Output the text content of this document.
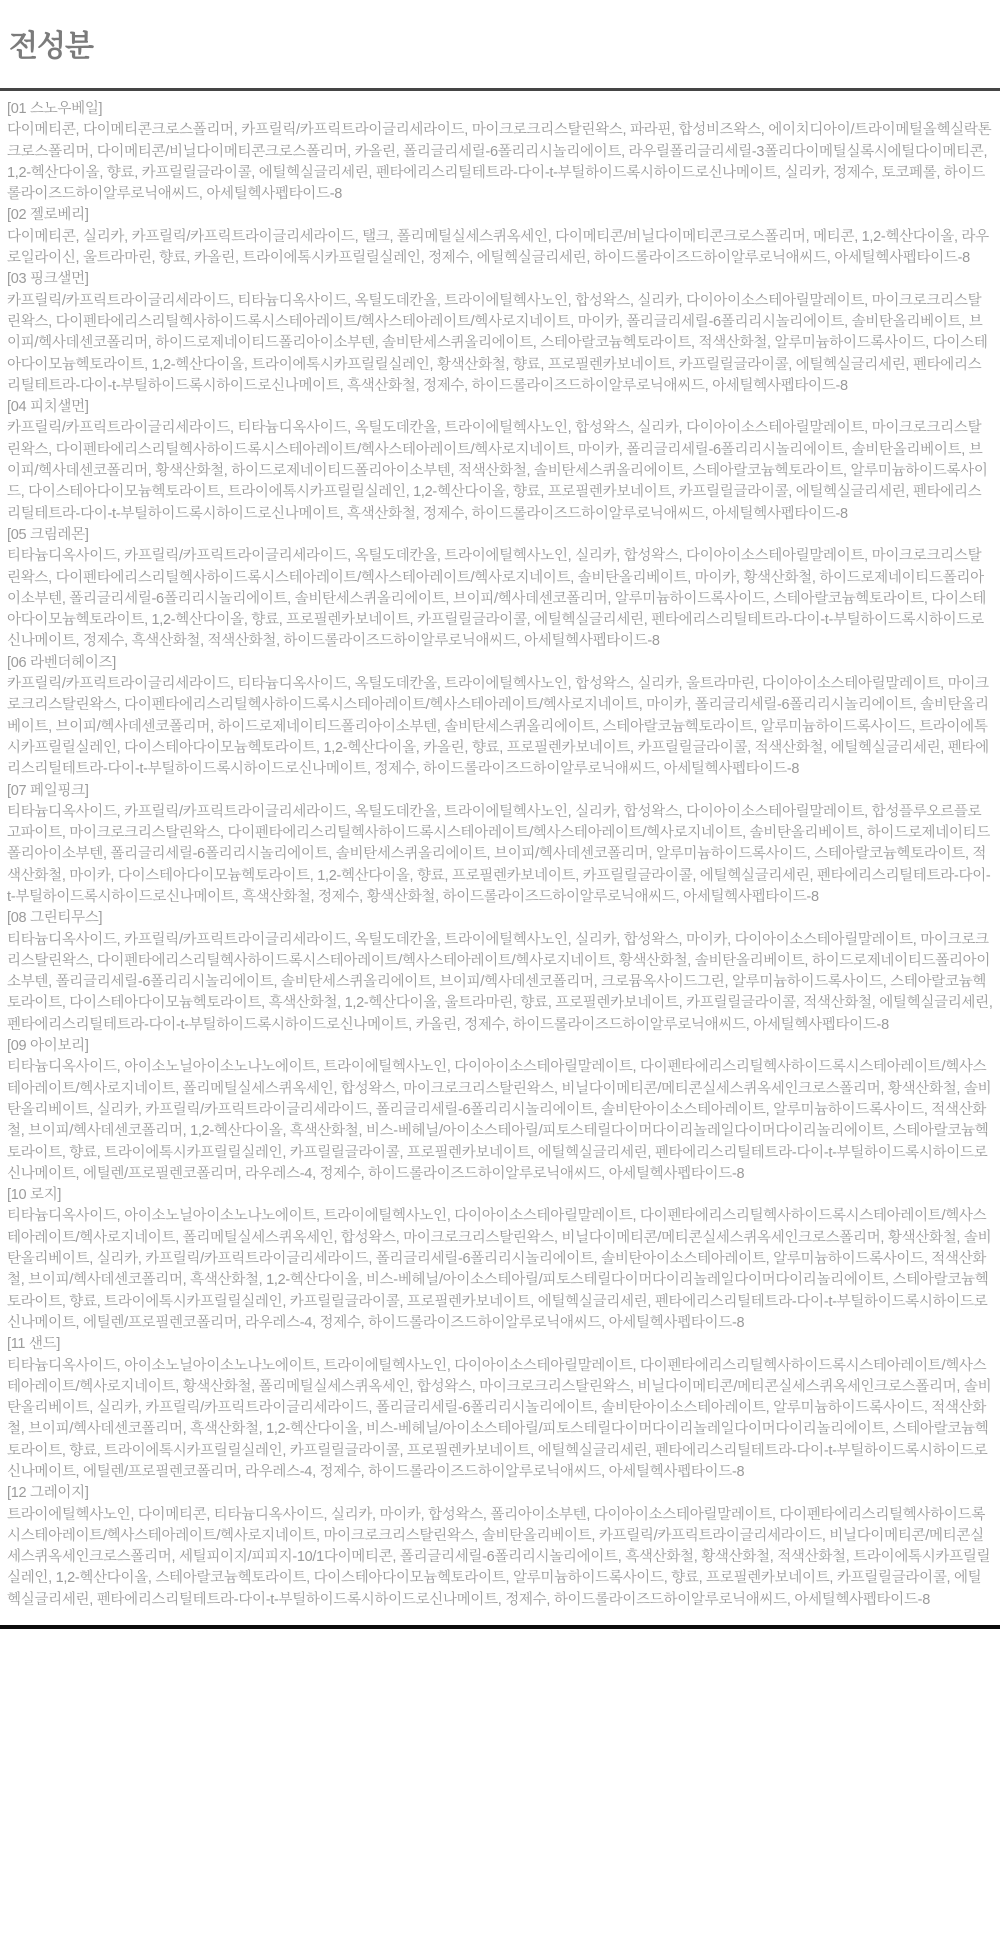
전성분
[01 스노우베일]
다이메티콘, 다이메티콘크로스폴리머, 카프릴릭/카프릭트라이글리세라이드, 마이크로크리스탈린왁스, 파라핀, 합성비즈왁스, 에이치디아이/트라이메틸올헥실락톤크로스폴리머, 다이메티콘/비닐다이메티콘크로스폴리머, 카올린, 폴리글리세릴-6폴리리시놀리에이트, 라우릴폴리글리세릴-3폴리다이메틸실록시에틸다이메티콘, 1,2-헥산다이올, 향료, 카프릴릴글라이콜, 에틸헥실글리세린, 펜타에리스리틸테트라-다이-t-부틸하이드록시하이드로신나메이트, 실리카, 정제수, 토코페롤, 하이드롤라이즈드하이알루로닉애씨드, 아세틸헥사펩타이드-8
[02 젤로베리]
다이메티콘, 실리카, 카프릴릭/카프릭트라이글리세라이드, 탤크, 폴리메틸실세스퀴옥세인, 다이메티콘/비닐다이메티콘크로스폴리머, 메티콘, 1,2-헥산다이올, 라우로일라이신, 울트라마린, 향료, 카올린, 트라이에톡시카프릴릴실레인, 정제수, 에틸헥실글리세린, 하이드롤라이즈드하이알루로닉애씨드, 아세틸헥사펩타이드-8
[03 핑크샐먼]
카프릴릭/카프릭트라이글리세라이드, 티타늄디옥사이드, 옥틸도데칸올, 트라이에틸헥사노인, 합성왁스, 실리카, 다이아이소스테아릴말레이트, 마이크로크리스탈린왁스, 다이펜타에리스리틸헥사하이드록시스테아레이트/헥사스테아레이트/헥사로지네이트, 마이카, 폴리글리세릴-6폴리리시놀리에이트, 솔비탄올리베이트, 브이피/헥사데센코폴리머, 하이드로제네이티드폴리아이소부텐, 솔비탄세스퀴올리에이트, 스테아랄코늄헥토라이트, 적색산화철, 알루미늄하이드록사이드, 다이스테아다이모늄헥토라이트, 1,2-헥산다이올, 트라이에톡시카프릴릴실레인, 황색산화철, 향료, 프로필렌카보네이트, 카프릴릴글라이콜, 에틸헥실글리세린, 펜타에리스리틸테트라-다이-t-부틸하이드록시하이드로신나메이트, 흑색산화철, 정제수, 하이드롤라이즈드하이알루로닉애씨드, 아세틸헥사펩타이드-8
[04 피치샐먼]
카프릴릭/카프릭트라이글리세라이드, 티타늄디옥사이드, 옥틸도데칸올, 트라이에틸헥사노인, 합성왁스, 실리카, 다이아이소스테아릴말레이트, 마이크로크리스탈린왁스, 다이펜타에리스리틸헥사하이드록시스테아레이트/헥사스테아레이트/헥사로지네이트, 마이카, 폴리글리세릴-6폴리리시놀리에이트, 솔비탄올리베이트, 브이피/헥사데센코폴리머, 황색산화철, 하이드로제네이티드폴리아이소부텐, 적색산화철, 솔비탄세스퀴올리에이트, 스테아랄코늄헥토라이트, 알루미늄하이드록사이드, 다이스테아다이모늄헥토라이트, 트라이에톡시카프릴릴실레인, 1,2-헥산다이올, 향료, 프로필렌카보네이트, 카프릴릴글라이콜, 에틸헥실글리세린, 펜타에리스리틸테트라-다이-t-부틸하이드록시하이드로신나메이트, 흑색산화철, 정제수, 하이드롤라이즈드하이알루로닉애씨드, 아세틸헥사펩타이드-8
[05 크림레몬]
티타늄디옥사이드, 카프릴릭/카프릭트라이글리세라이드, 옥틸도데칸올, 트라이에틸헥사노인, 실리카, 합성왁스, 다이아이소스테아릴말레이트, 마이크로크리스탈린왁스, 다이펜타에리스리틸헥사하이드록시스테아레이트/헥사스테아레이트/헥사로지네이트, 솔비탄올리베이트, 마이카, 황색산화철, 하이드로제네이티드폴리아이소부텐, 폴리글리세릴-6폴리리시놀리에이트, 솔비탄세스퀴올리에이트, 브이피/헥사데센코폴리머, 알루미늄하이드록사이드, 스테아랄코늄헥토라이트, 다이스테아다이모늄헥토라이트, 1,2-헥산다이올, 향료, 프로필렌카보네이트, 카프릴릴글라이콜, 에틸헥실글리세린, 펜타에리스리틸테트라-다이-t-부틸하이드록시하이드로신나메이트, 정제수, 흑색산화철, 적색산화철, 하이드롤라이즈드하이알루로닉애씨드, 아세틸헥사펩타이드-8
[06 라벤더헤이즈]
카프릴릭/카프릭트라이글리세라이드, 티타늄디옥사이드, 옥틸도데칸올, 트라이에틸헥사노인, 합성왁스, 실리카, 울트라마린, 다이아이소스테아릴말레이트, 마이크로크리스탈린왁스, 다이펜타에리스리틸헥사하이드록시스테아레이트/헥사스테아레이트/헥사로지네이트, 마이카, 폴리글리세릴-6폴리리시놀리에이트, 솔비탄올리베이트, 브이피/헥사데센코폴리머, 하이드로제네이티드폴리아이소부텐, 솔비탄세스퀴올리에이트, 스테아랄코늄헥토라이트, 알루미늄하이드록사이드, 트라이에톡시카프릴릴실레인, 다이스테아다이모늄헥토라이트, 1,2-헥산다이올, 카올린, 향료, 프로필렌카보네이트, 카프릴릴글라이콜, 적색산화철, 에틸헥실글리세린, 펜타에리스리틸테트라-다이-t-부틸하이드록시하이드로신나메이트, 정제수, 하이드롤라이즈드하이알루로닉애씨드, 아세틸헥사펩타이드-8
[07 페일핑크]
티타늄디옥사이드, 카프릴릭/카프릭트라이글리세라이드, 옥틸도데칸올, 트라이에틸헥사노인, 실리카, 합성왁스, 다이아이소스테아릴말레이트, 합성플루오르플로고파이트, 마이크로크리스탈린왁스, 다이펜타에리스리틸헥사하이드록시스테아레이트/헥사스테아레이트/헥사로지네이트, 솔비탄올리베이트, 하이드로제네이티드폴리아이소부텐, 폴리글리세릴-6폴리리시놀리에이트, 솔비탄세스퀴올리에이트, 브이피/헥사데센코폴리머, 알루미늄하이드록사이드, 스테아랄코늄헥토라이트, 적색산화철, 마이카, 다이스테아다이모늄헥토라이트, 1,2-헥산다이올, 향료, 프로필렌카보네이트, 카프릴릴글라이콜, 에틸헥실글리세린, 펜타에리스리틸테트라-다이-t-부틸하이드록시하이드로신나메이트, 흑색산화철, 정제수, 황색산화철, 하이드롤라이즈드하이알루로닉애씨드, 아세틸헥사펩타이드-8
[08 그린티무스]
티타늄디옥사이드, 카프릴릭/카프릭트라이글리세라이드, 옥틸도데칸올, 트라이에틸헥사노인, 실리카, 합성왁스, 마이카, 다이아이소스테아릴말레이트, 마이크로크리스탈린왁스, 다이펜타에리스리틸헥사하이드록시스테아레이트/헥사스테아레이트/헥사로지네이트, 황색산화철, 솔비탄올리베이트, 하이드로제네이티드폴리아이소부텐, 폴리글리세릴-6폴리리시놀리에이트, 솔비탄세스퀴올리에이트, 브이피/헥사데센코폴리머, 크로뮴옥사이드그린, 알루미늄하이드록사이드, 스테아랄코늄헥토라이트, 다이스테아다이모늄헥토라이트, 흑색산화철, 1,2-헥산다이올, 울트라마린, 향료, 프로필렌카보네이트, 카프릴릴글라이콜, 적색산화철, 에틸헥실글리세린, 펜타에리스리틸테트라-다이-t-부틸하이드록시하이드로신나메이트, 카올린, 정제수, 하이드롤라이즈드하이알루로닉애씨드, 아세틸헥사펩타이드-8
[09 아이보리]
티타늄디옥사이드, 아이소노닐아이소노나노에이트, 트라이에틸헥사노인, 다이아이소스테아릴말레이트, 다이펜타에리스리틸헥사하이드록시스테아레이트/헥사스테아레이트/헥사로지네이트, 폴리메틸실세스퀴옥세인, 합성왁스, 마이크로크리스탈린왁스, 비닐다이메티콘/메티콘실세스퀴옥세인크로스폴리머, 황색산화철, 솔비탄올리베이트, 실리카, 카프릴릭/카프릭트라이글리세라이드, 폴리글리세릴-6폴리리시놀리에이트, 솔비탄아이소스테아레이트, 알루미늄하이드록사이드, 적색산화철, 브이피/헥사데센코폴리머, 1,2-헥산다이올, 흑색산화철, 비스-베헤닐/아이소스테아릴/피토스테릴다이머다이리놀레일다이머다이리놀리에이트, 스테아랄코늄헥토라이트, 향료, 트라이에톡시카프릴릴실레인, 카프릴릴글라이콜, 프로필렌카보네이트, 에틸헥실글리세린, 펜타에리스리틸테트라-다이-t-부틸하이드록시하이드로신나메이트, 에틸렌/프로필렌코폴리머, 라우레스-4, 정제수, 하이드롤라이즈드하이알루로닉애씨드, 아세틸헥사펩타이드-8
[10 로지]
티타늄디옥사이드, 아이소노닐아이소노나노에이트, 트라이에틸헥사노인, 다이아이소스테아릴말레이트, 다이펜타에리스리틸헥사하이드록시스테아레이트/헥사스테아레이트/헥사로지네이트, 폴리메틸실세스퀴옥세인, 합성왁스, 마이크로크리스탈린왁스, 비닐다이메티콘/메티콘실세스퀴옥세인크로스폴리머, 황색산화철, 솔비탄올리베이트, 실리카, 카프릴릭/카프릭트라이글리세라이드, 폴리글리세릴-6폴리리시놀리에이트, 솔비탄아이소스테아레이트, 알루미늄하이드록사이드, 적색산화철, 브이피/헥사데센코폴리머, 흑색산화철, 1,2-헥산다이올, 비스-베헤닐/아이소스테아릴/피토스테릴다이머다이리놀레일다이머다이리놀리에이트, 스테아랄코늄헥토라이트, 향료, 트라이에톡시카프릴릴실레인, 카프릴릴글라이콜, 프로필렌카보네이트, 에틸헥실글리세린, 펜타에리스리틸테트라-다이-t-부틸하이드록시하이드로신나메이트, 에틸렌/프로필렌코폴리머, 라우레스-4, 정제수, 하이드롤라이즈드하이알루로닉애씨드, 아세틸헥사펩타이드-8
[11 샌드]
티타늄디옥사이드, 아이소노닐아이소노나노에이트, 트라이에틸헥사노인, 다이아이소스테아릴말레이트, 다이펜타에리스리틸헥사하이드록시스테아레이트/헥사스테아레이트/헥사로지네이트, 황색산화철, 폴리메틸실세스퀴옥세인, 합성왁스, 마이크로크리스탈린왁스, 비닐다이메티콘/메티콘실세스퀴옥세인크로스폴리머, 솔비탄올리베이트, 실리카, 카프릴릭/카프릭트라이글리세라이드, 폴리글리세릴-6폴리리시놀리에이트, 솔비탄아이소스테아레이트, 알루미늄하이드록사이드, 적색산화철, 브이피/헥사데센코폴리머, 흑색산화철, 1,2-헥산다이올, 비스-베헤닐/아이소스테아릴/피토스테릴다이머다이리놀레일다이머다이리놀리에이트, 스테아랄코늄헥토라이트, 향료, 트라이에톡시카프릴릴실레인, 카프릴릴글라이콜, 프로필렌카보네이트, 에틸헥실글리세린, 펜타에리스리틸테트라-다이-t-부틸하이드록시하이드로신나메이트, 에틸렌/프로필렌코폴리머, 라우레스-4, 정제수, 하이드롤라이즈드하이알루로닉애씨드, 아세틸헥사펩타이드-8
[12 그레이지]
트라이에틸헥사노인, 다이메티콘, 티타늄디옥사이드, 실리카, 마이카, 합성왁스, 폴리아이소부텐, 다이아이소스테아릴말레이트, 다이펜타에리스리틸헥사하이드록시스테아레이트/헥사스테아레이트/헥사로지네이트, 마이크로크리스탈린왁스, 솔비탄올리베이트, 카프릴릭/카프릭트라이글리세라이드, 비닐다이메티콘/메티콘실세스퀴옥세인크로스폴리머, 세틸피이지/피피지-10/1다이메티콘, 폴리글리세릴-6폴리리시놀리에이트, 흑색산화철, 황색산화철, 적색산화철, 트라이에톡시카프릴릴실레인, 1,2-헥산다이올, 스테아랄코늄헥토라이트, 다이스테아다이모늄헥토라이트, 알루미늄하이드록사이드, 향료, 프로필렌카보네이트, 카프릴릴글라이콜, 에틸헥실글리세린, 펜타에리스리틸테트라-다이-t-부틸하이드록시하이드로신나메이트, 정제수, 하이드롤라이즈드하이알루로닉애씨드, 아세틸헥사펩타이드-8
